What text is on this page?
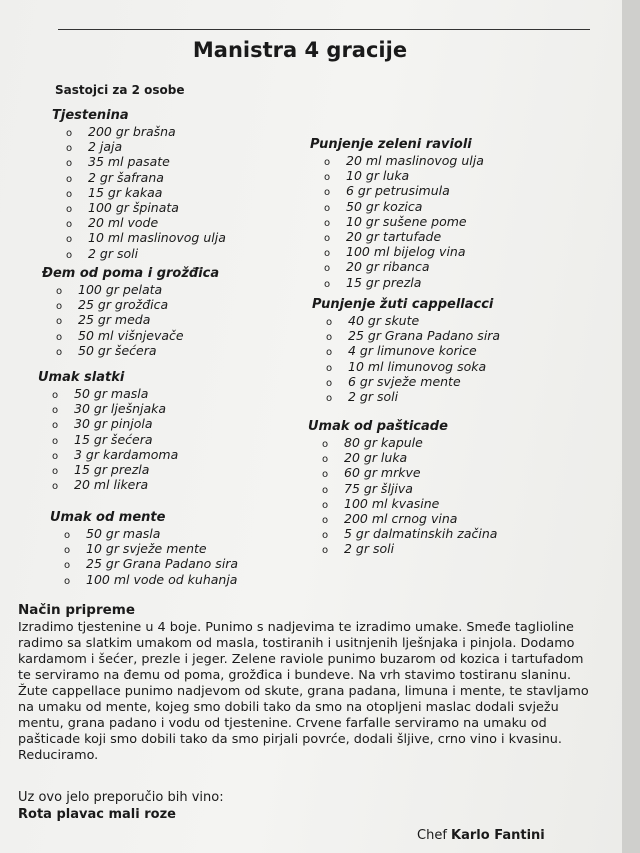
Manistra 4 gracije
Sastojci za 2 osobe
Tjestenina
o 200 gr brašna
o 2 jaja
o 35 ml pasate
o 2 gr šafrana
o 15 gr kakaa
o 100 gr špinata
o 20 ml vode
o 10 ml maslinovog ulja
o 2 gr soli
Đem od poma i grožđica
o 100 gr pelata
o 25 gr grožđica
o 25 gr meda
o 50 ml višnjevače
o 50 gr šećera
Umak slatki
o 50 gr masla
o 30 gr lješnjaka
o 30 gr pinjola
o 15 gr šećera
o 3 gr kardamoma
o 15 gr prezla
o 20 ml likera
Umak od mente
o 50 gr masla
o 10 gr svježe mente
o 25 gr Grana Padano sira
o 100 ml vode od kuhanja
Punjenje zeleni ravioli
o 20 ml maslinovog ulja
o 10 gr luka
o 6 gr petrusimula
o 50 gr kozica
o 10 gr sušene pome
o 20 gr tartufade
o 100 ml bijelog vina
o 20 gr ribanca
o 15 gr prezla
Punjenje žuti cappellacci
o 40 gr skute
o 25 gr Grana Padano sira
o 4 gr limunove korice
o 10 ml limunovog soka
o 6 gr svježe mente
o 2 gr soli
Umak od pašticade
o 80 gr kapule
o 20 gr luka
o 60 gr mrkve
o 75 gr šljiva
o 100 ml kvasine
o 200 ml crnog vina
o 5 gr dalmatinskih začina
o 2 gr soli
Način pripreme

Izradimo tjestenine u 4 boje. Punimo s nadjevima te izradimo umake. Smeđe taglioline
radimo sa slatkim umakom od masla, tostiranih i usitnjenih lješnjaka i pinjola. Dodamo
kardamom i šećer, prezle i jeger. Zelene raviole punimo buzarom od kozica i tartufadom
te serviramo na đemu od poma, grožđica i bundeve. Na vrh stavimo tostiranu slaninu.
Žute cappellace punimo nadjevom od skute, grana padana, limuna i mente, te stavljamo
na umaku od mente, kojeg smo dobili tako da smo na otopljeni maslac dodali svježu
mentu, grana padano i vodu od tjestenine. Crvene farfalle serviramo na umaku od
pašticade koji smo dobili tako da smo pirjali povrće, dodali šljive, crno vino i kvasinu.
Reduciramo.

Uz ovo jelo preporučio bih vino:
Rota plavac mali roze
Chef Karlo Fantini
